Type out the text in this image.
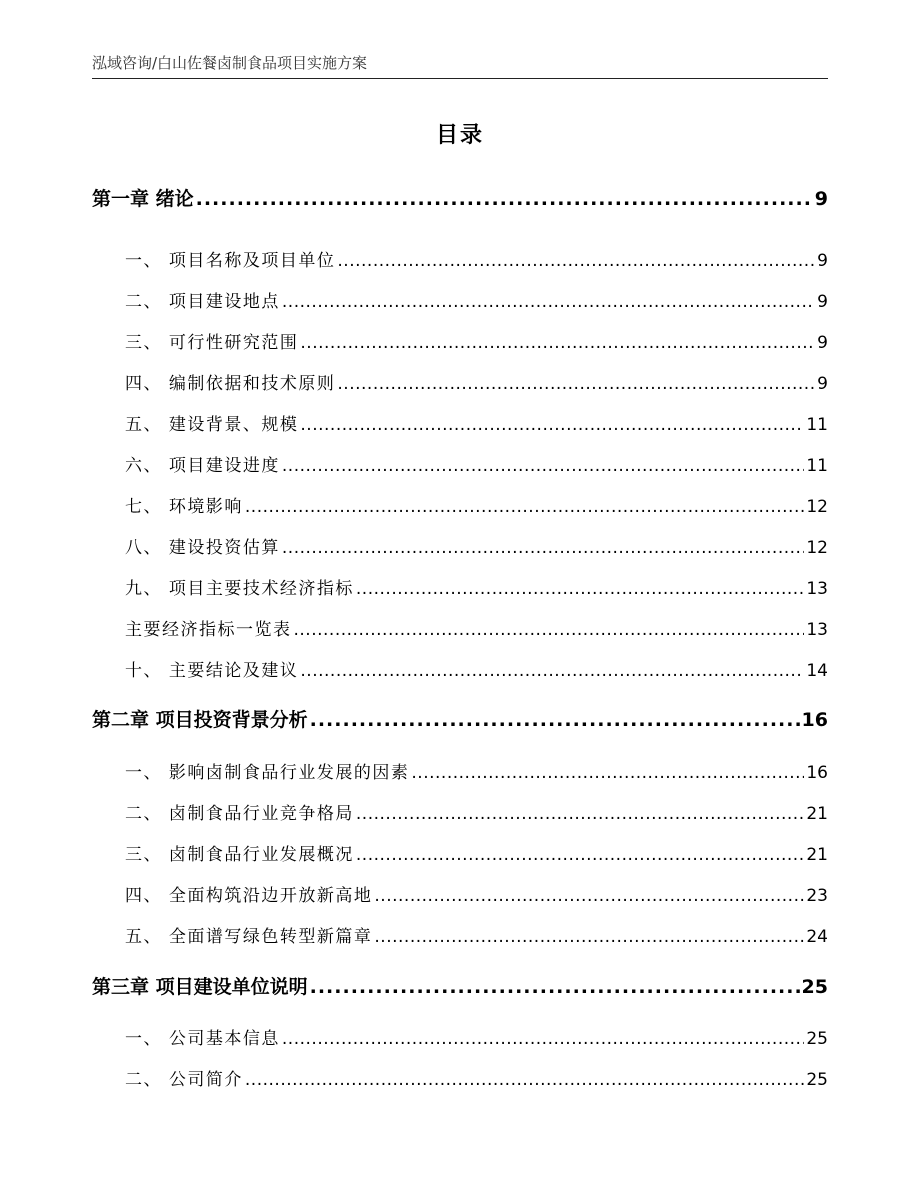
泓域咨询/白山佐餐卤制食品项目实施方案
目录
第一章 绪论 .....	9
一、 项目名称及项目单位 .....	9
二、 项目建设地点 .....	9
三、 可行性研究范围 .....	9
四、 编制依据和技术原则 .....	9
五、 建设背景、规模 .....	11
六、 项目建设进度 .....	11
七、 环境影响 .....	12
八、 建设投资估算 .....	12
九、 项目主要技术经济指标 .....	13
主要经济指标一览表 .....	13
十、 主要结论及建议 .....	14
第二章 项目投资背景分析 .....	16
一、 影响卤制食品行业发展的因素 .....	16
二、 卤制食品行业竞争格局 .....	21
三、 卤制食品行业发展概况 .....	21
四、 全面构筑沿边开放新高地 .....	23
五、 全面谱写绿色转型新篇章 .....	24
第三章 项目建设单位说明 .....	25
一、 公司基本信息 .....	25
二、 公司简介 .....	25
